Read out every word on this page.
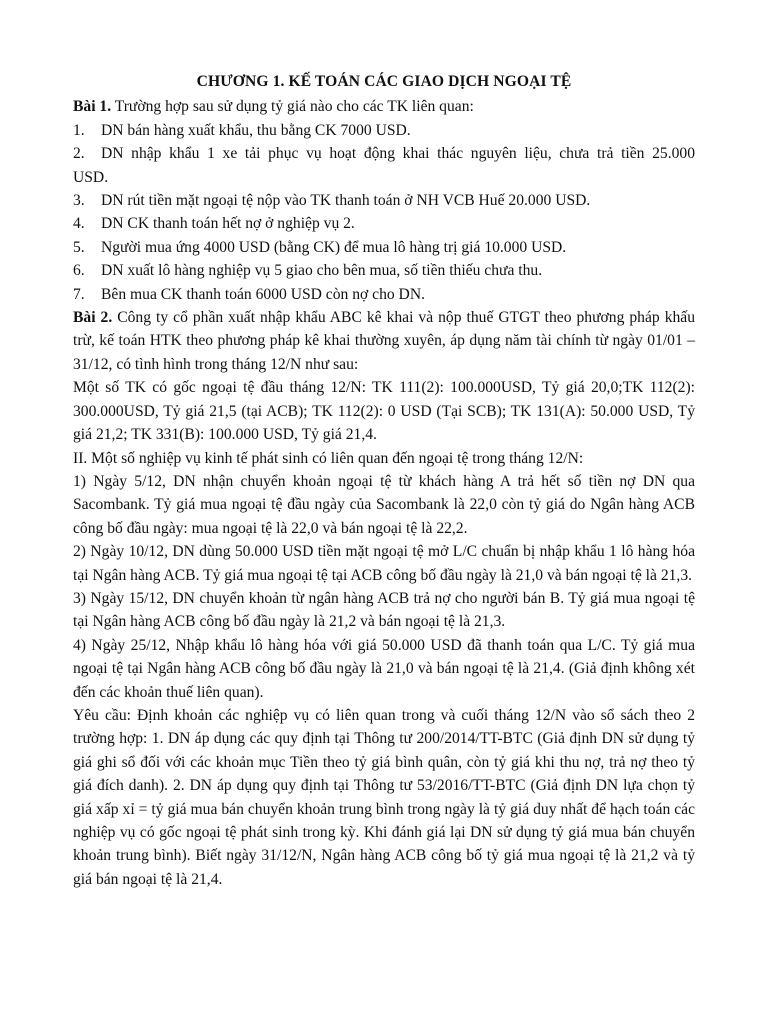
CHƯƠNG 1. KẾ TOÁN CÁC GIAO DỊCH NGOẠI TỆ

Bài 1. Trường hợp sau sử dụng tỷ giá nào cho các TK liên quan:

1.	DN bán hàng xuất khẩu, thu bằng CK 7000 USD.
2.	DN nhập khẩu 1 xe tải phục vụ hoạt động khai thác nguyên liệu, chưa trả tiền 25.000
USD.
3.	DN rút tiền mặt ngoại tệ nộp vào TK thanh toán ở NH VCB Huế 20.000 USD.
4.	DN CK thanh toán hết nợ ở nghiệp vụ 2.
5.	Người mua ứng 4000 USD (bằng CK) để mua lô hàng trị giá 10.000 USD.
6.	DN xuất lô hàng nghiệp vụ 5 giao cho bên mua, số tiền thiếu chưa thu.
7.	Bên mua CK thanh toán 6000 USD còn nợ cho DN.

Bài 2. Công ty cổ phần xuất nhập khẩu ABC kê khai và nộp thuế GTGT theo phương pháp khấu trừ, kế toán HTK theo phương pháp kê khai thường xuyên, áp dụng năm tài chính từ ngày 01/01 – 31/12, có tình hình trong tháng 12/N như sau:

Một số TK có gốc ngoại tệ đầu tháng 12/N: TK 111(2): 100.000USD, Tỷ giá 20,0;TK 112(2): 300.000USD, Tỷ giá 21,5 (tại ACB); TK 112(2): 0 USD (Tại SCB); TK 131(A): 50.000 USD, Tỷ giá 21,2; TK 331(B): 100.000 USD, Tỷ giá 21,4.

II. Một số nghiệp vụ kinh tế phát sinh có liên quan đến ngoại tệ trong tháng 12/N:

1) Ngày 5/12, DN nhận chuyển khoản ngoại tệ từ khách hàng A trả hết số tiền nợ DN qua Sacombank. Tỷ giá mua ngoại tệ đầu ngày của Sacombank là 22,0 còn tỷ giá do Ngân hàng ACB công bố đầu ngày: mua ngoại tệ là 22,0 và bán ngoại tệ là 22,2.

2) Ngày 10/12, DN dùng 50.000 USD tiền mặt ngoại tệ mở L/C chuẩn bị nhập khẩu 1 lô hàng hóa tại Ngân hàng ACB. Tỷ giá mua ngoại tệ tại ACB công bố đầu ngày là 21,0 và bán ngoại tệ là 21,3.

3) Ngày 15/12, DN chuyển khoản từ ngân hàng ACB trả nợ cho người bán B. Tỷ giá mua ngoại tệ tại Ngân hàng ACB công bố đầu ngày là 21,2 và bán ngoại tệ là 21,3.

4) Ngày 25/12, Nhập khẩu lô hàng hóa với giá 50.000 USD đã thanh toán qua L/C. Tỷ giá mua ngoại tệ tại Ngân hàng ACB công bố đầu ngày là 21,0 và bán ngoại tệ là 21,4. (Giả định không xét đến các khoản thuế liên quan).

Yêu cầu: Định khoản các nghiệp vụ có liên quan trong và cuối tháng 12/N vào sổ sách theo 2 trường hợp: 1. DN áp dụng các quy định tại Thông tư 200/2014/TT-BTC (Giả định DN sử dụng tỷ giá ghi sổ đối với các khoản mục Tiền theo tỷ giá bình quân, còn tỷ giá khi thu nợ, trả nợ theo tỷ giá đích danh). 2. DN áp dụng quy định tại Thông tư 53/2016/TT-BTC (Giả định DN lựa chọn tỷ giá xấp xỉ = tỷ giá mua bán chuyển khoản trung bình trong ngày là tỷ giá duy nhất để hạch toán các nghiệp vụ có gốc ngoại tệ phát sinh trong kỳ. Khi đánh giá lại DN sử dụng tỷ giá mua bán chuyển khoản trung bình). Biết ngày 31/12/N, Ngân hàng ACB công bố tỷ giá mua ngoại tệ là 21,2 và tỷ giá bán ngoại tệ là 21,4.
